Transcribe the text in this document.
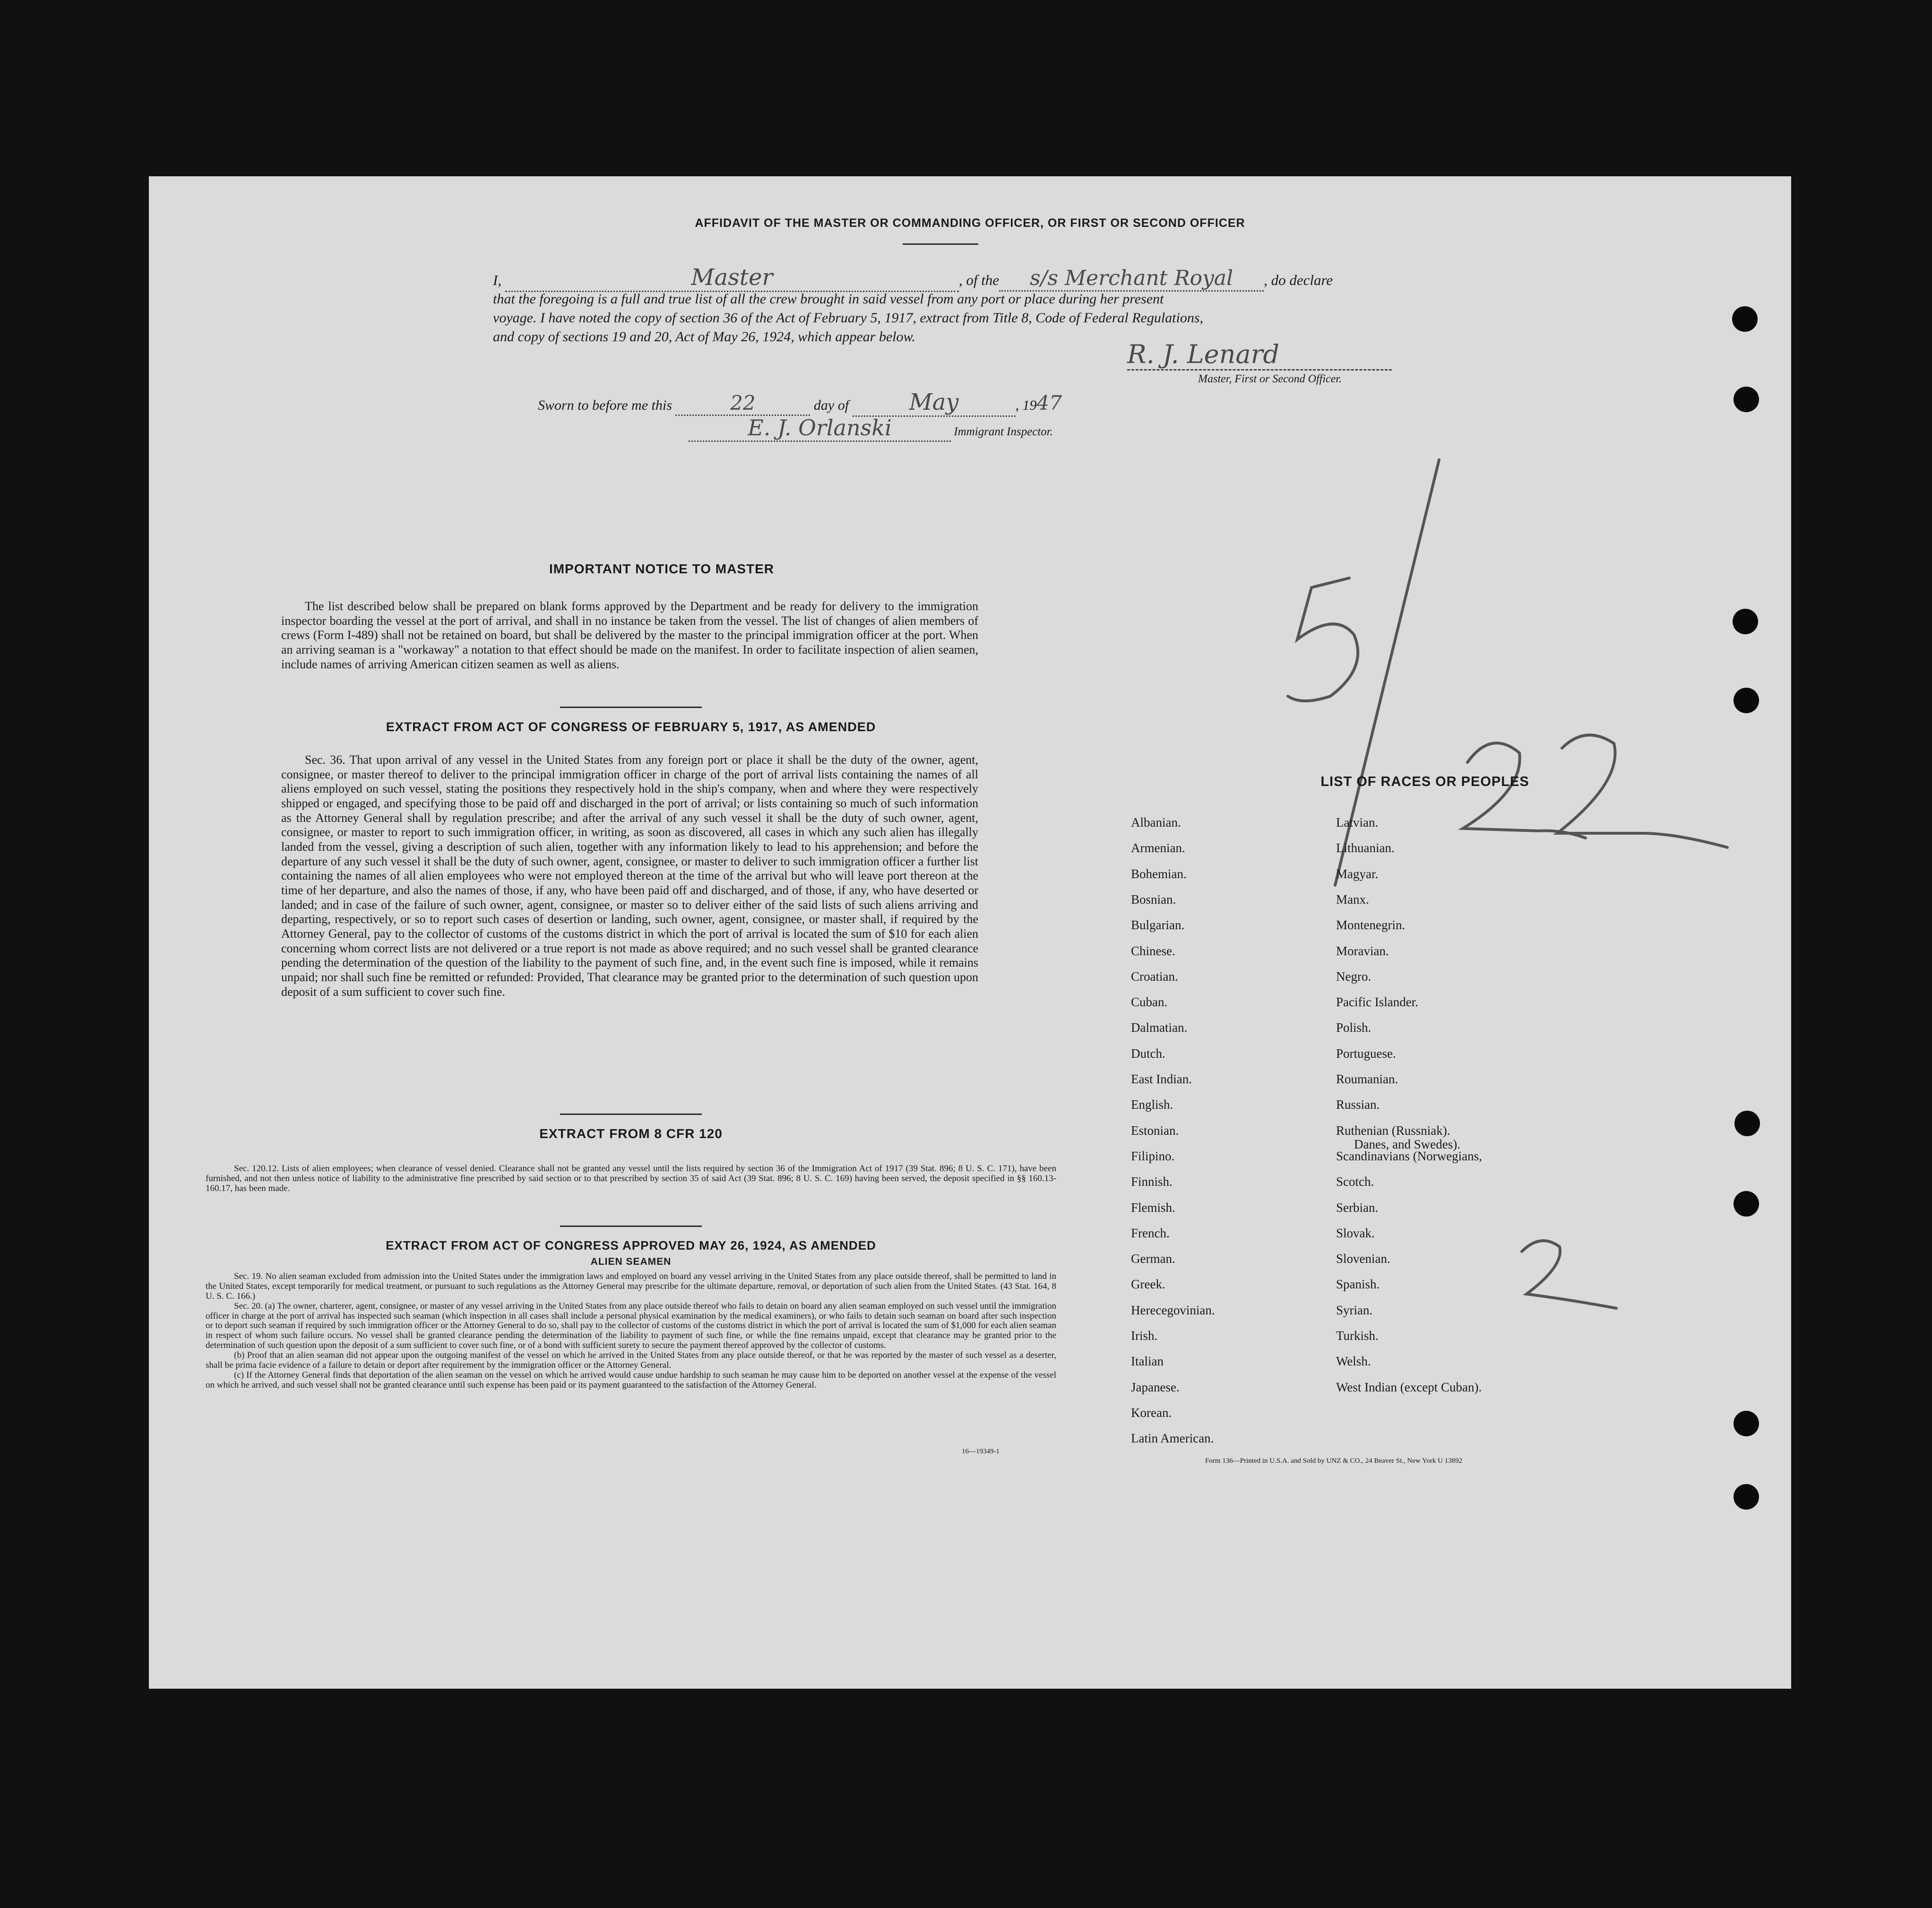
AFFIDAVIT OF THE MASTER OR COMMANDING OFFICER, OR FIRST OR SECOND OFFICER
I,	Master	, of the s/s Merchant Royal , do declare
that the foregoing is a full and true list of all the crew brought in said vessel from any port or place during her present
voyage. I have noted the copy of section 36 of the Act of February 5, 1917, extract from Title 8, Code of Federal Regulations,
and copy of sections 19 and 20, Act of May 26, 1924, which appear below.
R. J. Lenard
Master, First or Second Officer.
Sworn to before me this	22	day of	May	, 1947
E. J. Orlanski	Immigrant Inspector.
IMPORTANT NOTICE TO MASTER
The list described below shall be prepared on blank forms approved by the Department and be ready for delivery to the immigration inspector boarding the vessel at the port of arrival, and shall in no instance be taken from the vessel. The list of changes of alien members of crews (Form I-489) shall not be retained on board, but shall be delivered by the master to the principal immigration officer at the port. When an arriving seaman is a "workaway" a notation to that effect should be made on the manifest. In order to facilitate inspection of alien seamen, include names of arriving American citizen seamen as well as aliens.
EXTRACT FROM ACT OF CONGRESS OF FEBRUARY 5, 1917, AS AMENDED
Sec. 36. That upon arrival of any vessel in the United States from any foreign port or place it shall be the duty of the owner, agent, consignee, or master thereof to deliver to the principal immigration officer in charge of the port of arrival lists containing the names of all aliens employed on such vessel, stating the positions they respectively hold in the ship's company, when and where they were respectively shipped or engaged, and specifying those to be paid off and discharged in the port of arrival; or lists containing so much of such information as the Attorney General shall by regulation prescribe; and after the arrival of any such vessel it shall be the duty of such owner, agent, consignee, or master to report to such immigration officer, in writing, as soon as discovered, all cases in which any such alien has illegally landed from the vessel, giving a description of such alien, together with any information likely to lead to his apprehension; and before the departure of any such vessel it shall be the duty of such owner, agent, consignee, or master to deliver to such immigration officer a further list containing the names of all alien employees who were not employed thereon at the time of the arrival but who will leave port thereon at the time of her departure, and also the names of those, if any, who have been paid off and discharged, and of those, if any, who have deserted or landed; and in case of the failure of such owner, agent, consignee, or master so to deliver either of the said lists of such aliens arriving and departing, respectively, or so to report such cases of desertion or landing, such owner, agent, consignee, or master shall, if required by the Attorney General, pay to the collector of customs of the customs district in which the port of arrival is located the sum of $10 for each alien concerning whom correct lists are not delivered or a true report is not made as above required; and no such vessel shall be granted clearance pending the determination of the question of the liability to the payment of such fine, and, in the event such fine is imposed, while it remains unpaid; nor shall such fine be remitted or refunded: Provided, That clearance may be granted prior to the determination of such question upon deposit of a sum sufficient to cover such fine.
EXTRACT FROM 8 CFR 120
Sec. 120.12. Lists of alien employees; when clearance of vessel denied. Clearance shall not be granted any vessel until the lists required by section 36 of the Immigration Act of 1917 (39 Stat. 896; 8 U. S. C. 171), have been furnished, and not then unless notice of liability to the administrative fine prescribed by said section or to that prescribed by section 35 of said Act (39 Stat. 896; 8 U. S. C. 169) having been served, the deposit specified in §§ 160.13-160.17, has been made.
EXTRACT FROM ACT OF CONGRESS APPROVED MAY 26, 1924, AS AMENDED
ALIEN SEAMEN
Sec. 19. No alien seaman excluded from admission into the United States under the immigration laws and employed on board any vessel arriving in the United States from any place outside thereof, shall be permitted to land in the United States, except temporarily for medical treatment, or pursuant to such regulations as the Attorney General may prescribe for the ultimate departure, removal, or deportation of such alien from the United States. (43 Stat. 164, 8 U. S. C. 166.)
Sec. 20. (a) The owner, charterer, agent, consignee, or master of any vessel arriving in the United States from any place outside thereof who fails to detain on board any alien seaman employed on such vessel until the immigration officer in charge at the port of arrival has inspected such seaman (which inspection in all cases shall include a personal physical examination by the medical examiners), or who fails to detain such seaman on board after such inspection or to deport such seaman if required by such immigration officer or the Attorney General to do so, shall pay to the collector of customs of the customs district in which the port of arrival is located the sum of $1,000 for each alien seaman in respect of whom such failure occurs. No vessel shall be granted clearance pending the determination of the liability to payment of such fine, or while the fine remains unpaid, except that clearance may be granted prior to the determination of such question upon the deposit of a sum sufficient to cover such fine, or of a bond with sufficient surety to secure the payment thereof approved by the collector of customs.
(b) Proof that an alien seaman did not appear upon the outgoing manifest of the vessel on which he arrived in the United States from any place outside thereof, or that he was reported by the master of such vessel as a deserter, shall be prima facie evidence of a failure to detain or deport after requirement by the immigration officer or the Attorney General.
(c) If the Attorney General finds that deportation of the alien seaman on the vessel on which he arrived would cause undue hardship to such seaman he may cause him to be deported on another vessel at the expense of the vessel on which he arrived, and such vessel shall not be granted clearance until such expense has been paid or its payment guaranteed to the satisfaction of the Attorney General.
16—19349-1
LIST OF RACES OR PEOPLES
Form 136—Printed in U.S.A. and Sold by UNZ & CO., 24 Beaver St., New York U 13892
Albanian.
Armenian.
Bohemian.
Bosnian.
Bulgarian.
Chinese.
Croatian.
Cuban.
Dalmatian.
Dutch.
East Indian.
English.
Estonian.
Filipino.
Finnish.
Flemish.
French.
German.
Greek.
Herecegovinian.
Irish.
Italian
Japanese.
Korean.
Latin American.
Latvian.
Lithuanian.
Magyar.
Manx.
Montenegrin.
Moravian.
Negro.
Pacific Islander.
Polish.
Portuguese.
Roumanian.
Russian.
Ruthenian (Russniak).
Scandinavians (Norwegians,
Danes, and Swedes).
Scotch.
Serbian.
Slovak.
Slovenian.
Spanish.
Syrian.
Turkish.
Welsh.
West Indian (except Cuban).
